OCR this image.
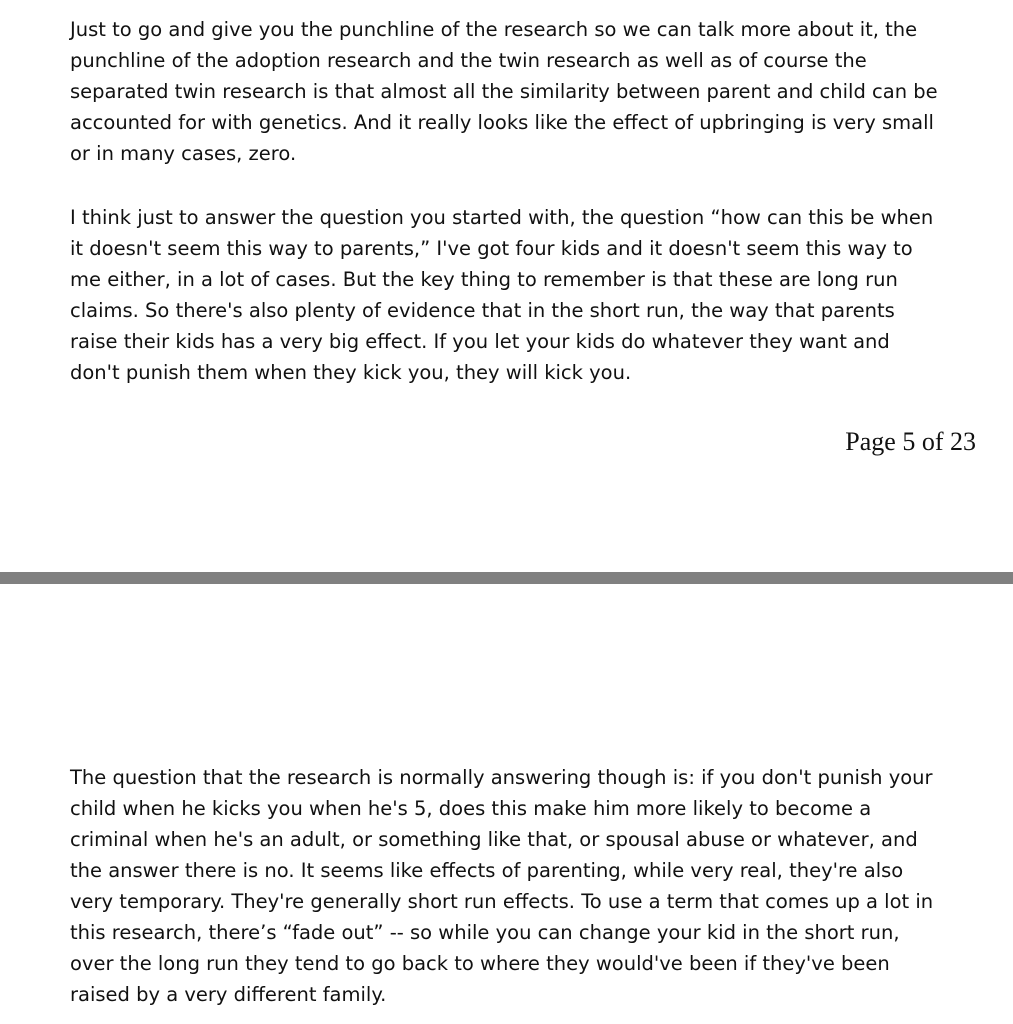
Just to go and give you the punchline of the research so we can talk more about it, the
punchline of the adoption research and the twin research as well as of course the
separated twin research is that almost all the similarity between parent and child can be
accounted for with genetics. And it really looks like the effect of upbringing is very small
or in many cases, zero.

I think just to answer the question you started with, the question “how can this be when
it doesn't seem this way to parents,” I've got four kids and it doesn't seem this way to
me either, in a lot of cases. But the key thing to remember is that these are long run
claims. So there's also plenty of evidence that in the short run, the way that parents
raise their kids has a very big effect. If you let your kids do whatever they want and
don't punish them when they kick you, they will kick you.

Page 5 of 23

The question that the research is normally answering though is: if you don't punish your
child when he kicks you when he's 5, does this make him more likely to become a
criminal when he's an adult, or something like that, or spousal abuse or whatever, and
the answer there is no. It seems like effects of parenting, while very real, they're also
very temporary. They're generally short run effects. To use a term that comes up a lot in
this research, there’s “fade out” -- so while you can change your kid in the short run,
over the long run they tend to go back to where they would've been if they've been
raised by a very different family.
